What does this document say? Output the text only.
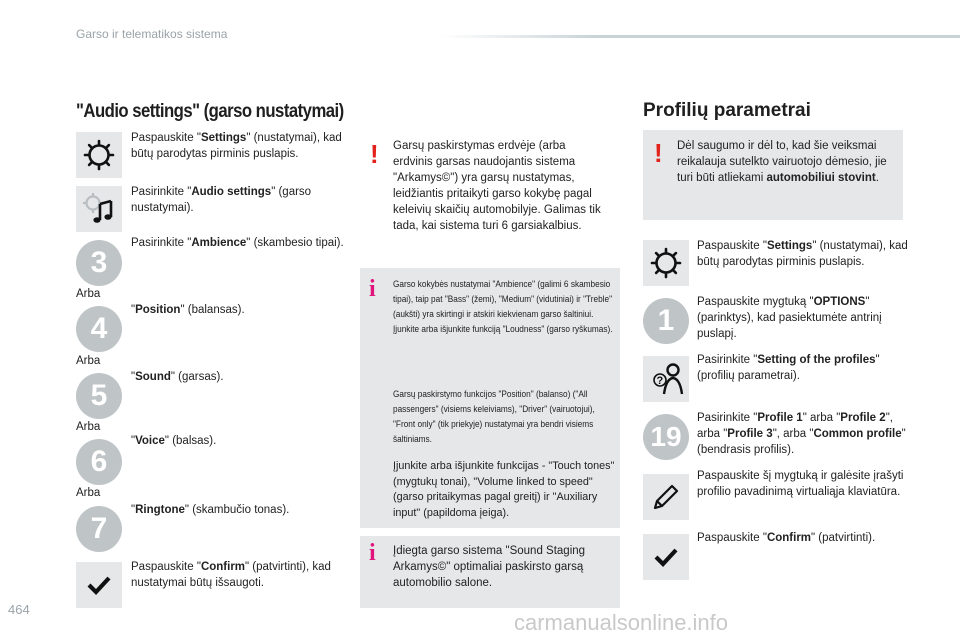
Garso ir telematikos sistema
"Audio settings" (garso nustatymai)
Paspauskite "Settings" (nustatymai), kad būtų parodytas pirminis puslapis.
Pasirinkite "Audio settings" (garso nustatymai).
3
Pasirinkite "Ambience" (skambesio tipai).
Arba
4
"Position" (balansas).
Arba
5
"Sound" (garsas).
Arba
6
"Voice" (balsas).
Arba
7
"Ringtone" (skambučio tonas).
Paspauskite "Confirm" (patvirtinti), kad nustatymai būtų išsaugoti.
! Garsų paskirstymas erdvėje (arba erdvinis garsas naudojantis sistema "Arkamys©") yra garsų nustatymas, leidžiantis pritaikyti garso kokybę pagal keleivių skaičių automobilyje. Galimas tik tada, kai sistema turi 6 garsiakalbius.
i Garso kokybės nustatymai "Ambience" (galimi 6 skambesio tipai), taip pat "Bass" (žemi), "Medium" (vidutiniai) ir "Treble" (aukšti) yra skirtingi ir atskiri kiekvienam garso šaltiniui. Įjunkite arba išjunkite funkciją "Loudness" (garso ryškumas).
Garsų paskirstymo funkcijos "Position" (balanso) ("All passengers" (visiems keleiviams), "Driver" (vairuotojui), "Front only" (tik priekyje) nustatymai yra bendri visiems šaltiniams.
Įjunkite arba išjunkite funkcijas - "Touch tones" (mygtukų tonai), "Volume linked to speed" (garso pritaikymas pagal greitį) ir "Auxiliary input" (papildoma įeiga).
i Įdiegta garso sistema "Sound Staging Arkamys©" optimaliai paskirsto garsą automobilio salone.
Profilių parametrai
! Dėl saugumo ir dėl to, kad šie veiksmai reikalauja sutelkto vairuotojo dėmesio, jie turi būti atliekami automobiliui stovint.
Paspauskite "Settings" (nustatymai), kad būtų parodytas pirminis puslapis.
1
Paspauskite mygtuką "OPTIONS" (parinktys), kad pasiektumėte antrinį puslapį.
?
Pasirinkite "Setting of the profiles" (profilių parametrai).
19
Pasirinkite "Profile 1" arba "Profile 2", arba "Profile 3", arba "Common profile" (bendrasis profilis).
Paspauskite šį mygtuką ir galėsite įrašyti profilio pavadinimą virtualiąja klaviatūra.
Paspauskite "Confirm" (patvirtinti).
464
carmanualsonline.info
